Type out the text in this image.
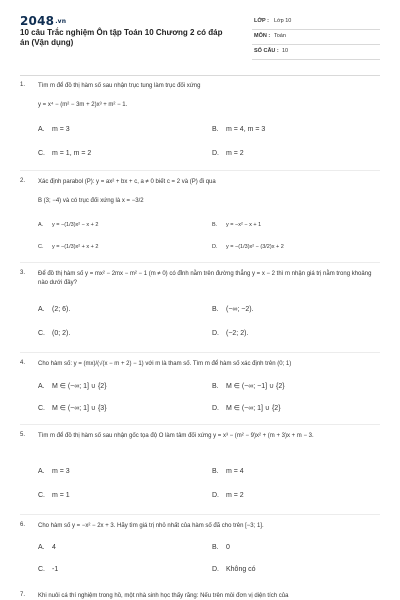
2048.vn
10 câu Trắc nghiệm Ôn tập Toán 10 Chương 2 có đáp án (Vận dụng)
LỚP : Lớp 10
MÔN : Toán
SỐ CÂU : 10
1. Tìm m để đồ thị hàm số sau nhận trục tung làm trục đối xứng
y = x⁴ − (m² − 3m + 2)x³ + m² − 1.
A. m = 3	B. m = 4, m = 3
C. m = 1, m = 2	D. m = 2
2. Xác định parabol (P): y = ax² + bx + c, a ≠ 0 biết c = 2 và (P) đi qua
B (3; −4) và có trục đối xứng là x = −3/2
A. y = −(1/3)x² − x + 2	B. y = −x² − x + 1
C. y = −(1/3)x² + x + 2	D. y = −(1/3)x² − (3/2)x + 2
3. Để đồ thị hàm số y = mx² − 2mx − m² − 1 (m ≠ 0) có đỉnh nằm trên đường thẳng y = x − 2 thì m nhận giá trị nằm trong khoảng nào dưới đây?
A. (2; 6).	B. (−∞; −2).
C. (0; 2).	D. (−2; 2).
4. Cho hàm số: y = (mx)/(√(x − m + 2) − 1) với m là tham số. Tìm m để hàm số xác định trên (0; 1)
A. M ∈ (−∞; 1] ∪ {2}	B. M ∈ (−∞; −1] ∪ {2}
C. M ∈ (−∞; 1] ∪ {3}	D. M ∈ (−∞; 1] ∪ {2}
5. Tìm m để đồ thị hàm số sau nhận gốc tọa độ O làm tâm đối xứng y = x³ − (m² − 9)x² + (m + 3)x + m − 3.
A. m = 3	B. m = 4
C. m = 1	D. m = 2
6. Cho hàm số y = −x² − 2x + 3. Hãy tìm giá trị nhỏ nhất của hàm số đã cho trên [−3; 1].
A. 4	B. 0
C. -1	D. Không có
7. Khi nuôi cá thí nghiệm trong hồ, một nhà sinh học thấy rằng: Nếu trên mỗi đơn vị diện tích của
